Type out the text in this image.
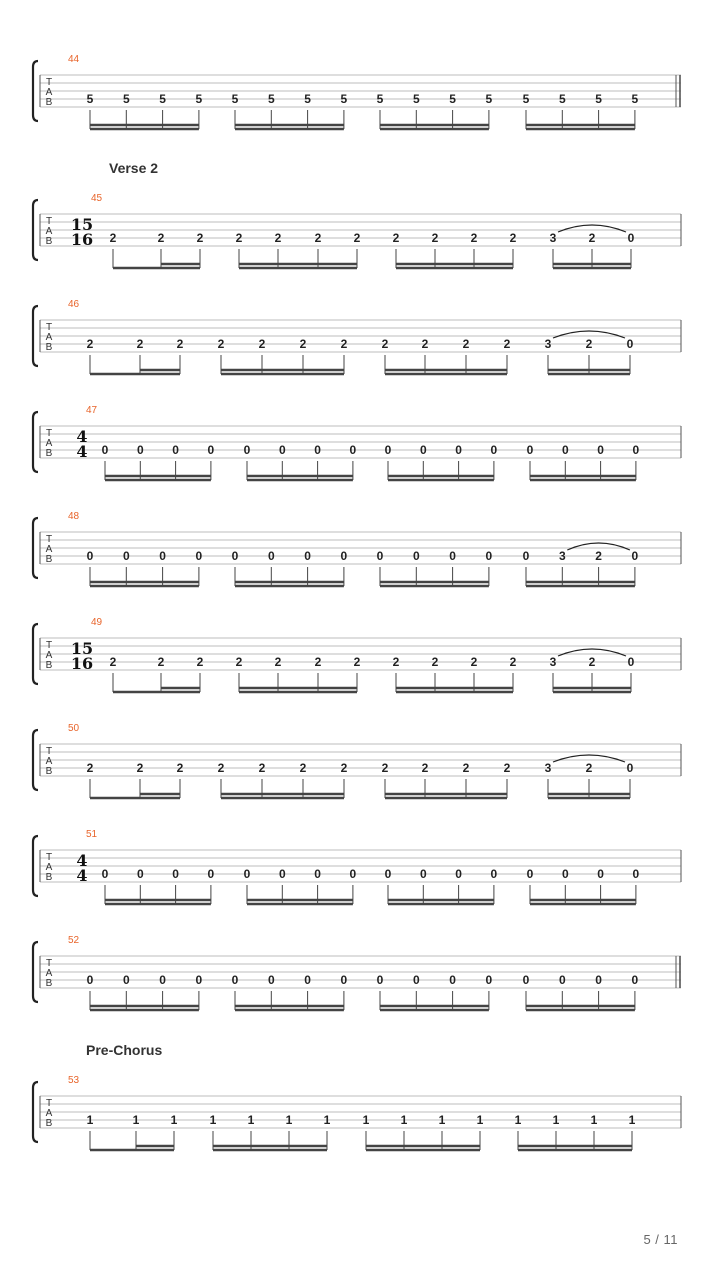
T
A
B
44
5 5 5 5 5 5 5 5 5 5 5 5	5 5 5 5
T
A
B
45
15
16 2	2	2	2	2	2	2	2	2	2	2	3	2	0
T
A
B
46
2	2	2	2	2	2	2	2	2	2	2	3	2	0
T
A
B
47
4
4 0 0 0 0 0 0 0 0 0 0 0 0 0 0 0 0
T
A
B
48
0 0 0 0 0 0 0 0 0 0 0 0	0 3 2 0
T
A
B
49
15
16 2	2	2	2	2	2	2	2	2	2	2	3	2	0
T
A
B
50
2	2	2	2	2	2	2	2	2	2	2	3	2	0
T
A
B
51
4
4 0 0 0 0 0 0 0 0 0 0 0 0 0 0 0 0
T
A
B
52
0 0 0 0 0 0 0 0 0 0 0 0	0 0 0 0
T
A
B
53
1	1	1	1	1	1	1	1	1	1	1	1	1	1	1
Verse 2
Pre-Chorus
5 / 11
